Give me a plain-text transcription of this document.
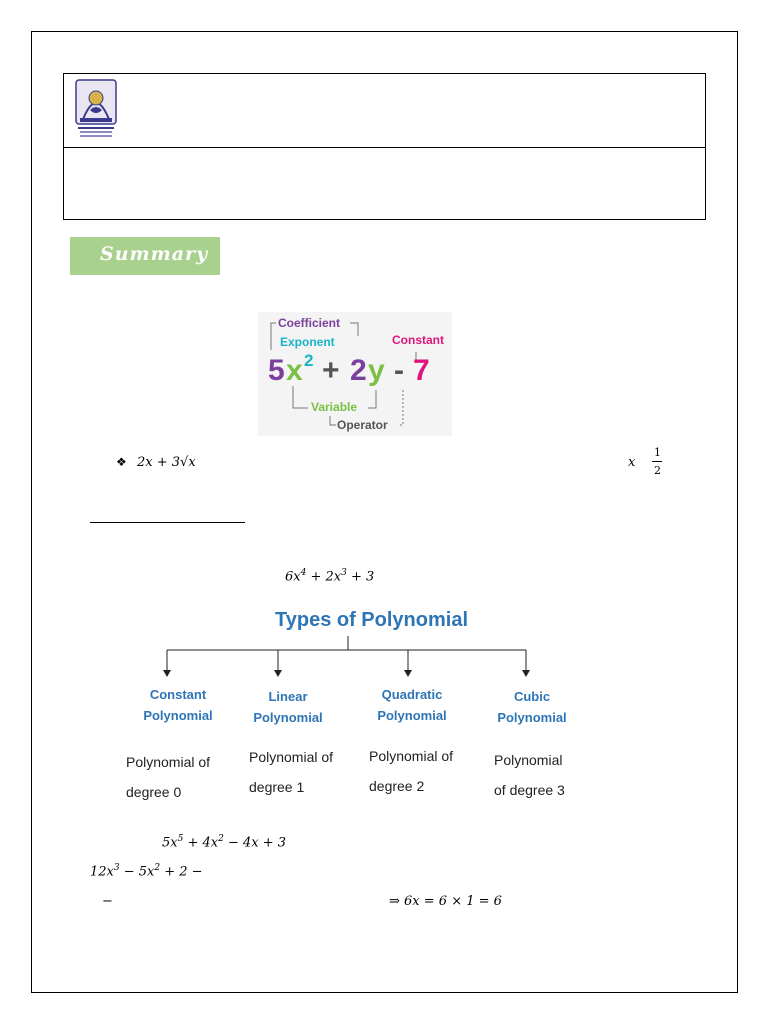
Summary
Coefficient
Exponent	Constant
5 x 2 + 2 y - 7
Variable
Operator
❖ 2x + 3√x	x
1
2
$6x^4 + 2x^3 + 3$
Types of Polynomial
Constant
Polynomial
Linear
Polynomial
Quadratic
Polynomial
Cubic
Polynomial
Polynomial of
degree 0
Polynomial of
degree 1
Polynomial of
degree 2
Polynomial
of degree 3
$5x^5 + 4x^2 - 4x + 3$
$12x^3 - 5x^2 + 2$ −
−	⇒ 6x = 6 × 1 = 6
